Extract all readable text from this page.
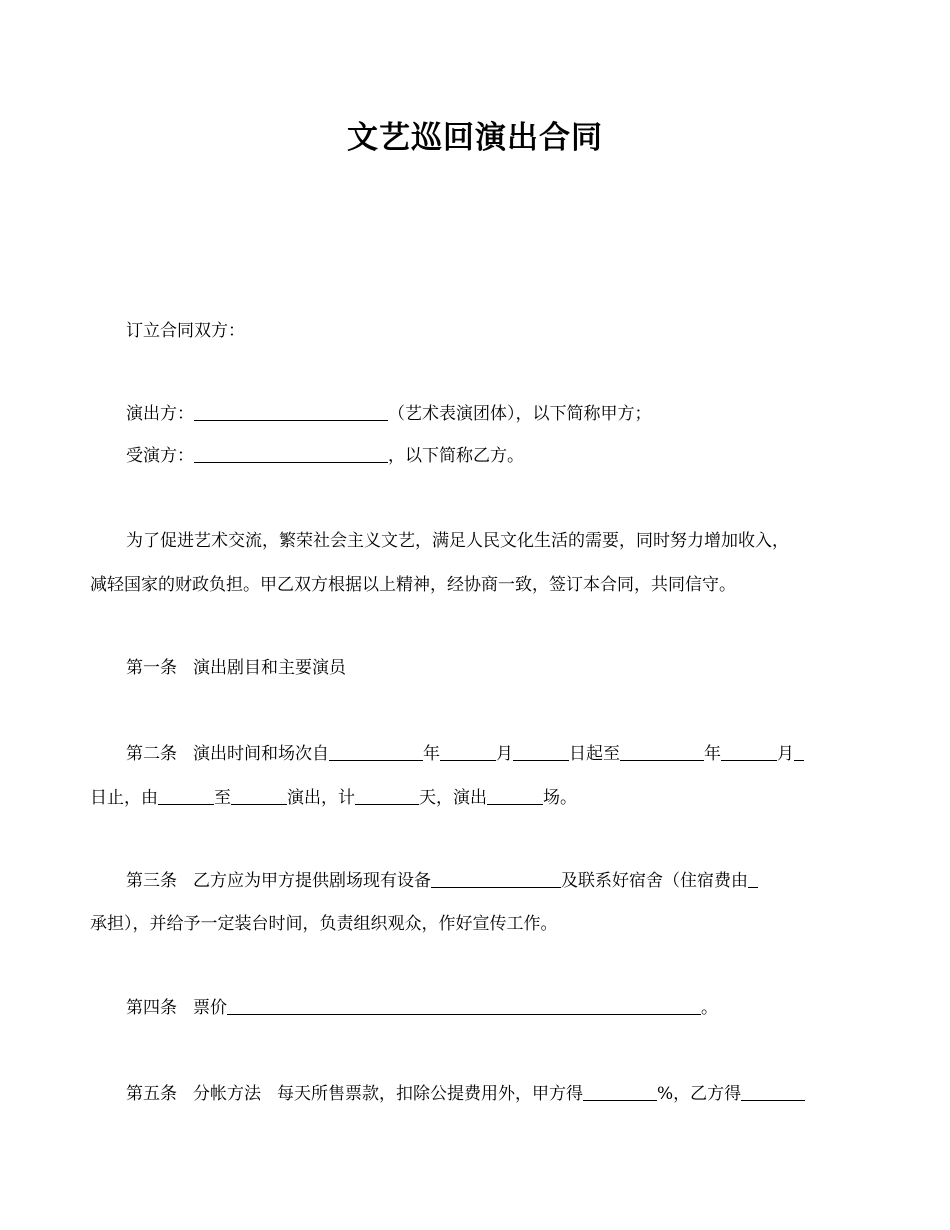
文艺巡回演出合同
订立合同双方：
演出方：	（艺术表演团体），以下简称甲方；
受演方：	，以下简称乙方。
为了促进艺术交流，繁荣社会主义文艺，满足人民文化生活的需要，同时努力增加收入，
减轻国家的财政负担。甲乙双方根据以上精神，经协商一致，签订本合同，共同信守。
第一条 演出剧目和主要演员
第二条 演出时间和场次自	年	月	日起至	年	月
日止，由	至	演出，计	天，演出	场。
第三条 乙方应为甲方提供剧场现有设备	及联系好宿舍（住宿费由
承担），并给予一定装台时间，负责组织观众，作好宣传工作。
第四条 票价	。
第五条 分帐方法 每天所售票款，扣除公提费用外，甲方得	%，乙方得
